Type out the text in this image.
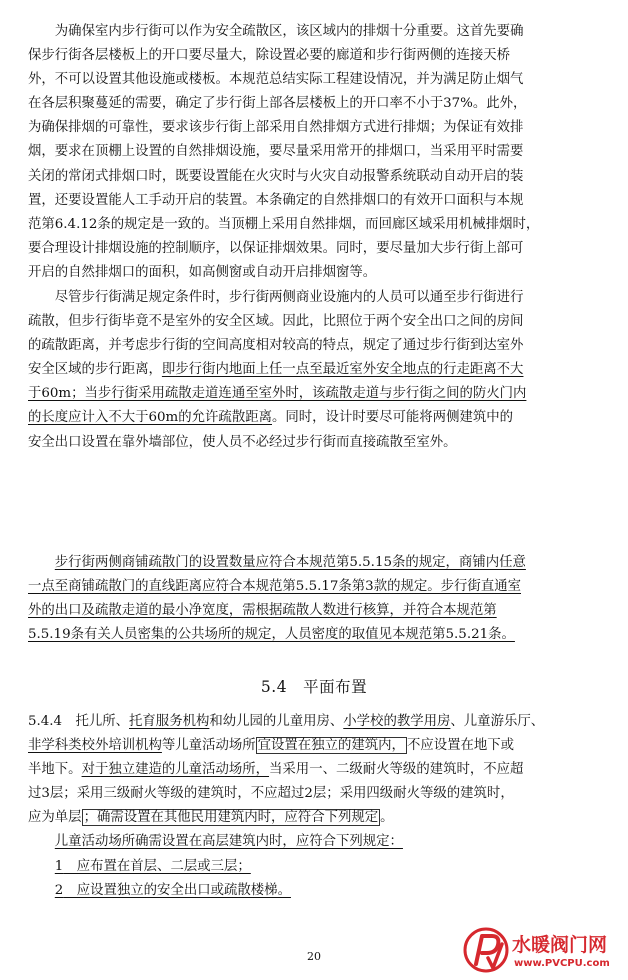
为确保室内步行街可以作为安全疏散区，该区域内的排烟十分重要。这首先要确
保步行街各层楼板上的开口要尽量大，除设置必要的廊道和步行街两侧的连接天桥
外，不可以设置其他设施或楼板。本规范总结实际工程建设情况，并为满足防止烟气
在各层积聚蔓延的需要，确定了步行街上部各层楼板上的开口率不小于37%。此外，
为确保排烟的可靠性，要求该步行街上部采用自然排烟方式进行排烟；为保证有效排
烟，要求在顶棚上设置的自然排烟设施，要尽量采用常开的排烟口，当采用平时需要
关闭的常闭式排烟口时，既要设置能在火灾时与火灾自动报警系统联动自动开启的装
置，还要设置能人工手动开启的装置。本条确定的自然排烟口的有效开口面积与本规
范第6.4.12条的规定是一致的。当顶棚上采用自然排烟，而回廊区域采用机械排烟时，
要合理设计排烟设施的控制顺序，以保证排烟效果。同时，要尽量加大步行街上部可
开启的自然排烟口的面积，如高侧窗或自动开启排烟窗等。
尽管步行街满足规定条件时，步行街两侧商业设施内的人员可以通至步行街进行
疏散，但步行街毕竟不是室外的安全区域。因此，比照位于两个安全出口之间的房间
的疏散距离，并考虑步行街的空间高度相对较高的特点，规定了通过步行街到达室外
安全区域的步行距离，即步行街内地面上任一点至最近室外安全地点的行走距离不大
于60m；当步行街采用疏散走道连通至室外时，该疏散走道与步行街之间的防火门内
的长度应计入不大于60m的允许疏散距离。同时，设计时要尽可能将两侧建筑中的
安全出口设置在靠外墙部位，使人员不必经过步行街而直接疏散至室外。
步行街两侧商铺疏散门的设置数量应符合本规范第5.5.15条的规定，商铺内任意
一点至商铺疏散门的直线距离应符合本规范第5.5.17条第3款的规定。步行街直通室
外的出口及疏散走道的最小净宽度，需根据疏散人数进行核算，并符合本规范第
5.5.19条有关人员密集的公共场所的规定，人员密度的取值见本规范第5.5.21条。
5.4　平面布置
5.4.4　托儿所、托育服务机构和幼儿园的儿童用房、小学校的教学用房、儿童游乐厅、
非学科类校外培训机构等儿童活动场所 宜设置在独立的建筑内， 不应设置在地下或
半地下。对于独立建造的儿童活动场所，当采用一、二级耐火等级的建筑时，不应超
过3层；采用三级耐火等级的建筑时，不应超过2层；采用四级耐火等级的建筑时，
应为单层 ；确需设置在其他民用建筑内时，应符合下列规定 。
儿童活动场所确需设置在高层建筑内时，应符合下列规定：
1　应布置在首层、二层或三层；
2　应设置独立的安全出口或疏散楼梯。
20
水暖阀门网
www.PVCPU.com
